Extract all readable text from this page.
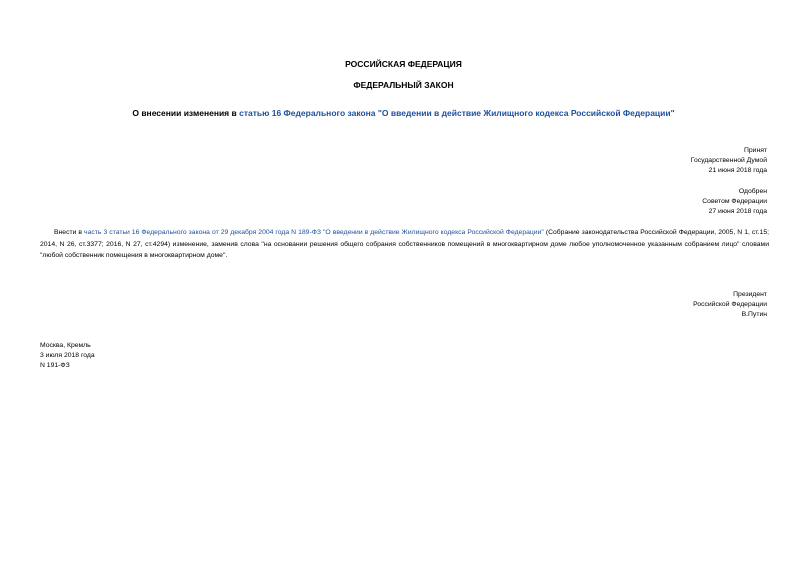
РОССИЙСКАЯ ФЕДЕРАЦИЯ
ФЕДЕРАЛЬНЫЙ ЗАКОН
О внесении изменения в статью 16 Федерального закона "О введении в действие Жилищного кодекса Российской Федерации"
Принят
Государственной Думой
21 июня 2018 года
Одобрен
Советом Федерации
27 июня 2018 года
Внести в часть 3 статьи 16 Федерального закона от 29 декабря 2004 года N 189-ФЗ "О введении в действие Жилищного кодекса Российской Федерации" (Собрание законодательства Российской Федерации, 2005, N 1, ст.15; 2014, N 26, ст.3377; 2016, N 27, ст.4294) изменение, заменив слова "на основании решения общего собрания собственников помещений в многоквартирном доме любое уполномоченное указанным собранием лицо" словами "любой собственник помещения в многоквартирном доме".
Президент
Российской Федерации
В.Путин
Москва, Кремль
3 июля 2018 года
N 191-ФЗ
